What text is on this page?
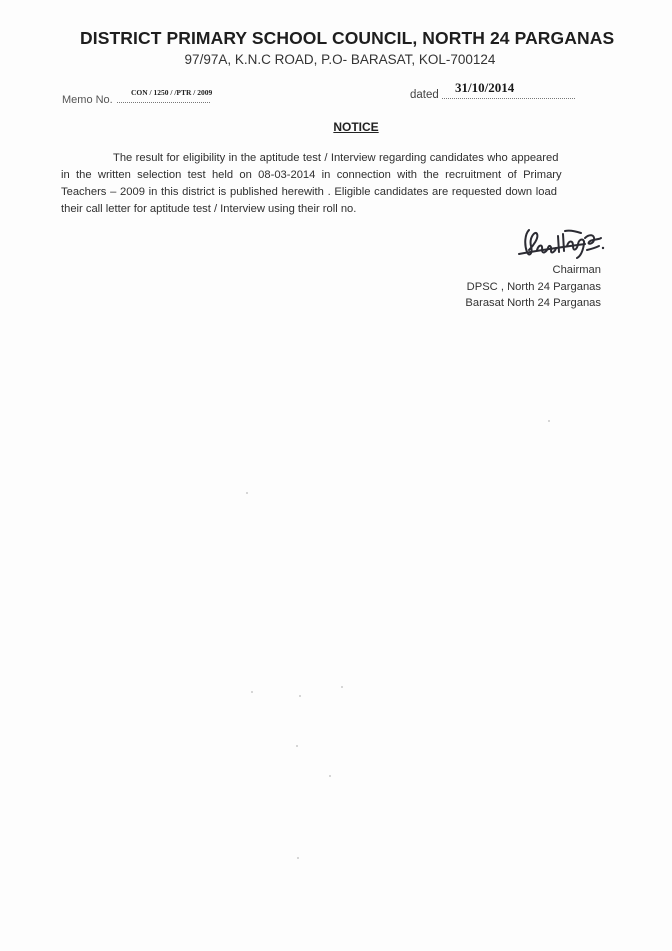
DISTRICT PRIMARY SCHOOL COUNCIL, NORTH 24 PARGANAS
97/97A, K.N.C ROAD, P.O- BARASAT, KOL-700124
Memo No.
CON / 1250 / /PTR / 2009	dated 31/10/2014
NOTICE
The result for eligibility in the aptitude test / Interview regarding candidates who appeared
in the written selection test held on 08-03-2014 in connection with the recruitment of Primary
Teachers – 2009 in this district is published herewith . Eligible candidates are requested down load
their call letter for aptitude test / Interview using their roll no.
Chairman
DPSC , North 24 Parganas
Barasat North 24 Parganas
